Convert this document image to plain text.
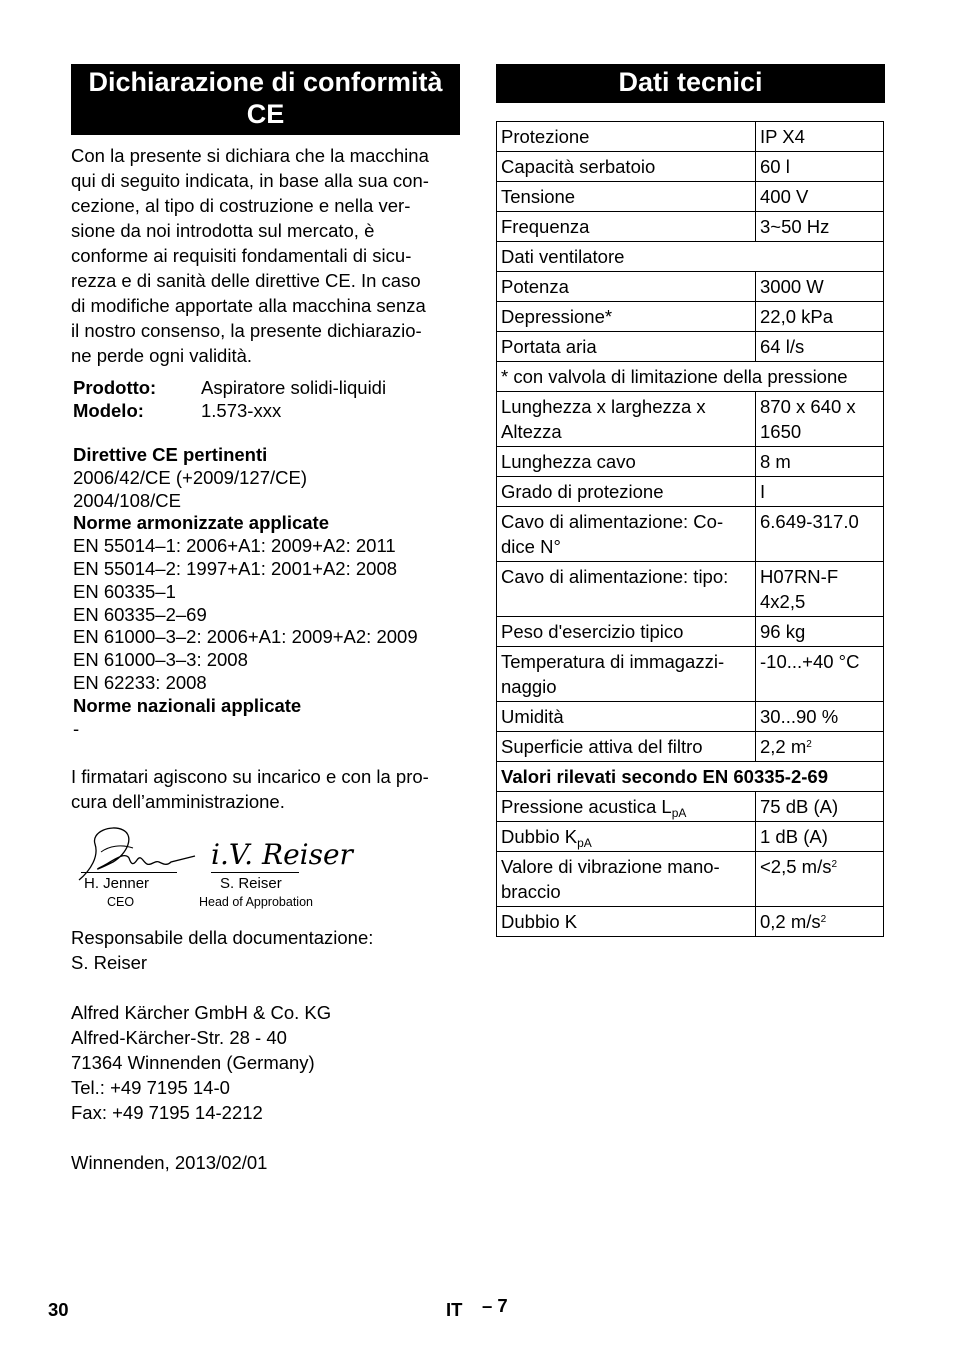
Dichiarazione di conformità CE
Con la presente si dichiara che la macchina
qui di seguito indicata, in base alla sua con-
cezione, al tipo di costruzione e nella ver-
sione da noi introdotta sul mercato, è
conforme ai requisiti fondamentali di sicu-
rezza e di sanità delle direttive CE. In caso
di modifiche apportate alla macchina senza
il nostro consenso, la presente dichiarazio-
ne perde ogni validità.
Prodotto: Aspiratore solidi-liquidi
Modelo:	1.573-xxx
Direttive CE pertinenti
2006/42/CE (+2009/127/CE)
2004/108/CE
Norme armonizzate applicate
EN 55014–1: 2006+A1: 2009+A2: 2011
EN 55014–2: 1997+A1: 2001+A2: 2008
EN 60335–1
EN 60335–2–69
EN 61000–3–2: 2006+A1: 2009+A2: 2009
EN 61000–3–3: 2008
EN 62233: 2008
Norme nazionali applicate
-
I firmatari agiscono su incarico e con la pro-
cura dell’amministrazione.
i.V. Reiser
H. Jenner
CEO
S. Reiser
Head of Approbation
Responsabile della documentazione:
S. Reiser
Alfred Kärcher GmbH & Co. KG
Alfred-Kärcher-Str. 28 - 40
71364 Winnenden (Germany)
Tel.: +49 7195 14-0
Fax: +49 7195 14-2212
Winnenden, 2013/02/01
Dati tecnici
Protezione	IP X4
Capacità serbatoio	60 l
Tensione	400 V
Frequenza	3~50 Hz
Dati ventilatore	
Potenza	3000 W
Depressione*	22,0 kPa
Portata aria	64 l/s
* con valvola di limitazione della pressione	
Lunghezza x larghezza x Altezza	870 x 640 x 1650
Lunghezza cavo	8 m
Grado di protezione	I
Cavo di alimentazione: Co- dice N°	6.649-317.0
Cavo di alimentazione: tipo:	H07RN-F 4x2,5
Peso d'esercizio tipico	96 kg
Temperatura di immagazzi- naggio	-10...+40 °C
Umidità	30...90 %
Superficie attiva del filtro	2,2 $m^2$
Valori rilevati secondo EN 60335-2-69	
Pressione acustica $L_{pA}$	75 dB (A)
Dubbio $K_{pA}$	1 dB (A)
Valore di vibrazione mano- braccio	<2,5 $m/s^2$
Dubbio K	0,2 $m/s^2$
30	IT – 7
